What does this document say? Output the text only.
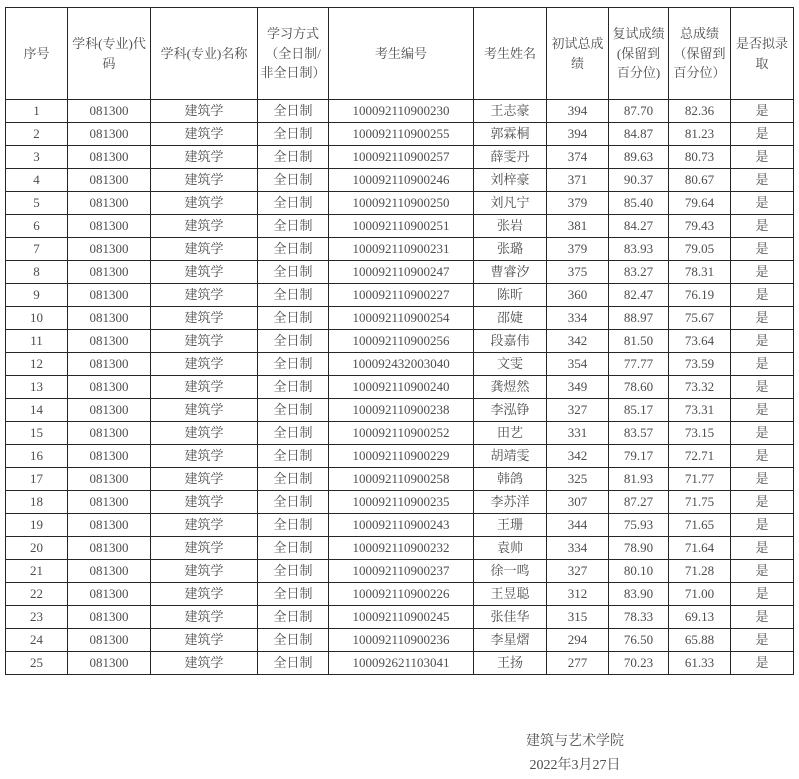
序号	学科(专业)代码	学科(专业)名称	学习方式（全日制/非全日制）	考生编号	考生姓名	初试总成绩	复试成绩(保留到百分位)	总成绩（保留到百分位）	是否拟录取
1	081300	建筑学	全日制	100092110900230	王志豪	394	87.70	82.36	是
2	081300	建筑学	全日制	100092110900255	郭霖桐	394	84.87	81.23	是
3	081300	建筑学	全日制	100092110900257	薛雯丹	374	89.63	80.73	是
4	081300	建筑学	全日制	100092110900246	刘梓豪	371	90.37	80.67	是
5	081300	建筑学	全日制	100092110900250	刘凡宁	379	85.40	79.64	是
6	081300	建筑学	全日制	100092110900251	张岩	381	84.27	79.43	是
7	081300	建筑学	全日制	100092110900231	张璐	379	83.93	79.05	是
8	081300	建筑学	全日制	100092110900247	曹睿汐	375	83.27	78.31	是
9	081300	建筑学	全日制	100092110900227	陈昕	360	82.47	76.19	是
10	081300	建筑学	全日制	100092110900254	邵婕	334	88.97	75.67	是
11	081300	建筑学	全日制	100092110900256	段嘉伟	342	81.50	73.64	是
12	081300	建筑学	全日制	100092432003040	文雯	354	77.77	73.59	是
13	081300	建筑学	全日制	100092110900240	龚煜然	349	78.60	73.32	是
14	081300	建筑学	全日制	100092110900238	李泓铮	327	85.17	73.31	是
15	081300	建筑学	全日制	100092110900252	田艺	331	83.57	73.15	是
16	081300	建筑学	全日制	100092110900229	胡靖雯	342	79.17	72.71	是
17	081300	建筑学	全日制	100092110900258	韩鸽	325	81.93	71.77	是
18	081300	建筑学	全日制	100092110900235	李苏洋	307	87.27	71.75	是
19	081300	建筑学	全日制	100092110900243	王珊	344	75.93	71.65	是
20	081300	建筑学	全日制	100092110900232	袁帅	334	78.90	71.64	是
21	081300	建筑学	全日制	100092110900237	徐一鸣	327	80.10	71.28	是
22	081300	建筑学	全日制	100092110900226	王昱聪	312	83.90	71.00	是
23	081300	建筑学	全日制	100092110900245	张佳华	315	78.33	69.13	是
24	081300	建筑学	全日制	100092110900236	李星熠	294	76.50	65.88	是
25	081300	建筑学	全日制	100092621103041	王扬	277	70.23	61.33	是
建筑与艺术学院
2022年3月27日
